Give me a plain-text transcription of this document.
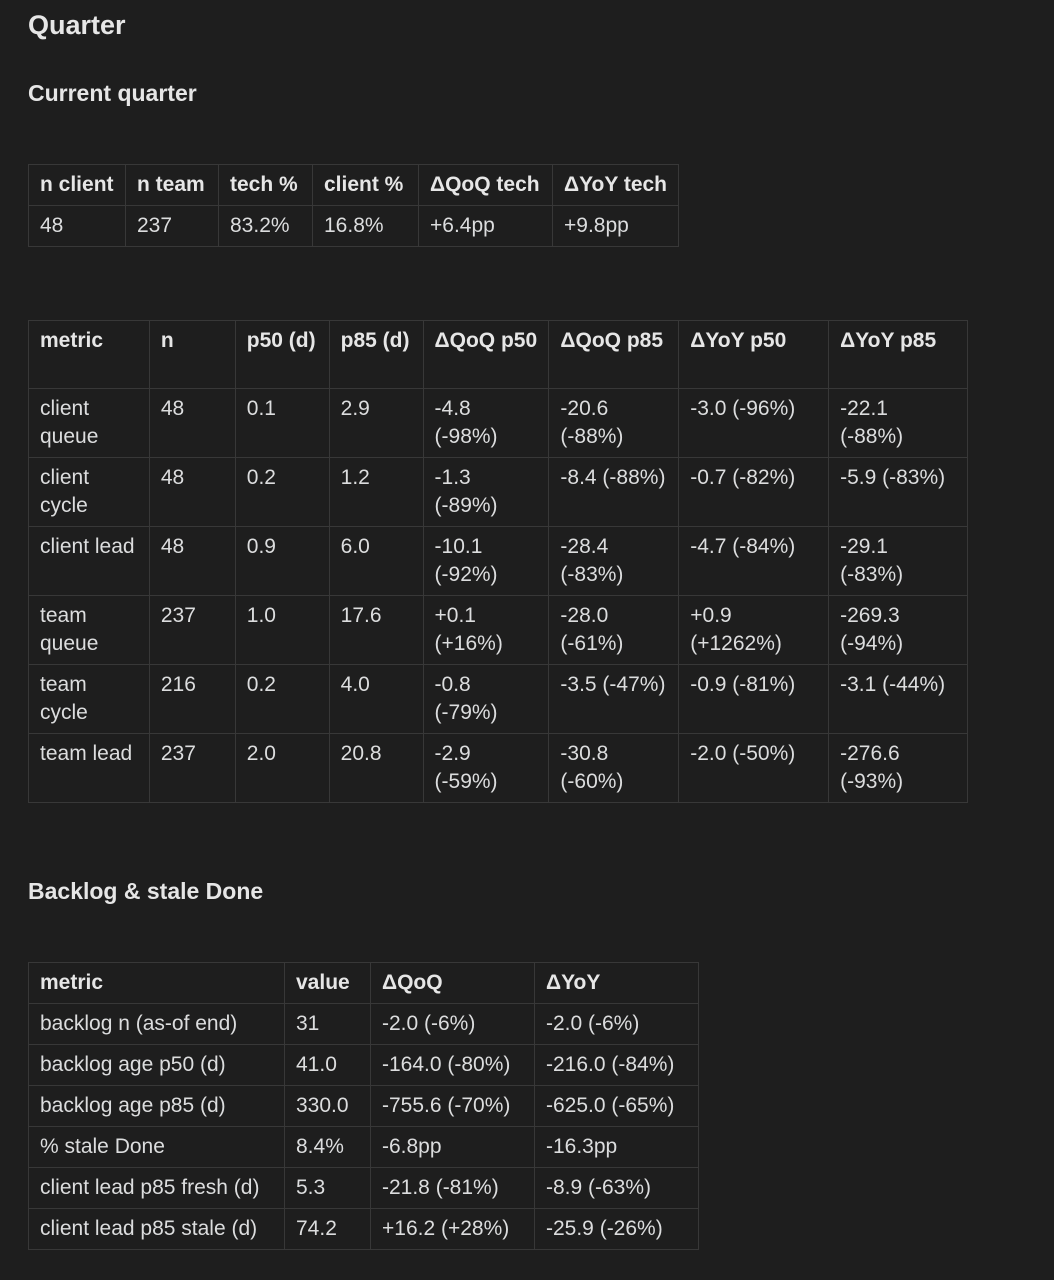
Quarter
Current quarter
n client	n team	tech %	client %	ΔQoQ tech	ΔYoY tech
48	237	83.2%	16.8%	+6.4pp	+9.8pp
metric	n	p50 (d)	p85 (d)	ΔQoQ p50	ΔQoQ p85	ΔYoY p50	ΔYoY p85
client queue	48	0.1	2.9	-4.8 (-98%)	-20.6 (-88%)	-3.0 (-96%)	-22.1 (-88%)
client cycle	48	0.2	1.2	-1.3 (-89%)	-8.4 (-88%)	-0.7 (-82%)	-5.9 (-83%)
client lead	48	0.9	6.0	-10.1 (-92%)	-28.4 (-83%)	-4.7 (-84%)	-29.1 (-83%)
team queue	237	1.0	17.6	+0.1 (+16%)	-28.0 (-61%)	+0.9 (+1262%)	-269.3 (-94%)
team cycle	216	0.2	4.0	-0.8 (-79%)	-3.5 (-47%)	-0.9 (-81%)	-3.1 (-44%)
team lead	237	2.0	20.8	-2.9 (-59%)	-30.8 (-60%)	-2.0 (-50%)	-276.6 (-93%)
Backlog & stale Done
metric	value	ΔQoQ	ΔYoY
backlog n (as-of end)	31	-2.0 (-6%)	-2.0 (-6%)
backlog age p50 (d)	41.0	-164.0 (-80%)	-216.0 (-84%)
backlog age p85 (d)	330.0	-755.6 (-70%)	-625.0 (-65%)
% stale Done	8.4%	-6.8pp	-16.3pp
client lead p85 fresh (d)	5.3	-21.8 (-81%)	-8.9 (-63%)
client lead p85 stale (d)	74.2	+16.2 (+28%)	-25.9 (-26%)
